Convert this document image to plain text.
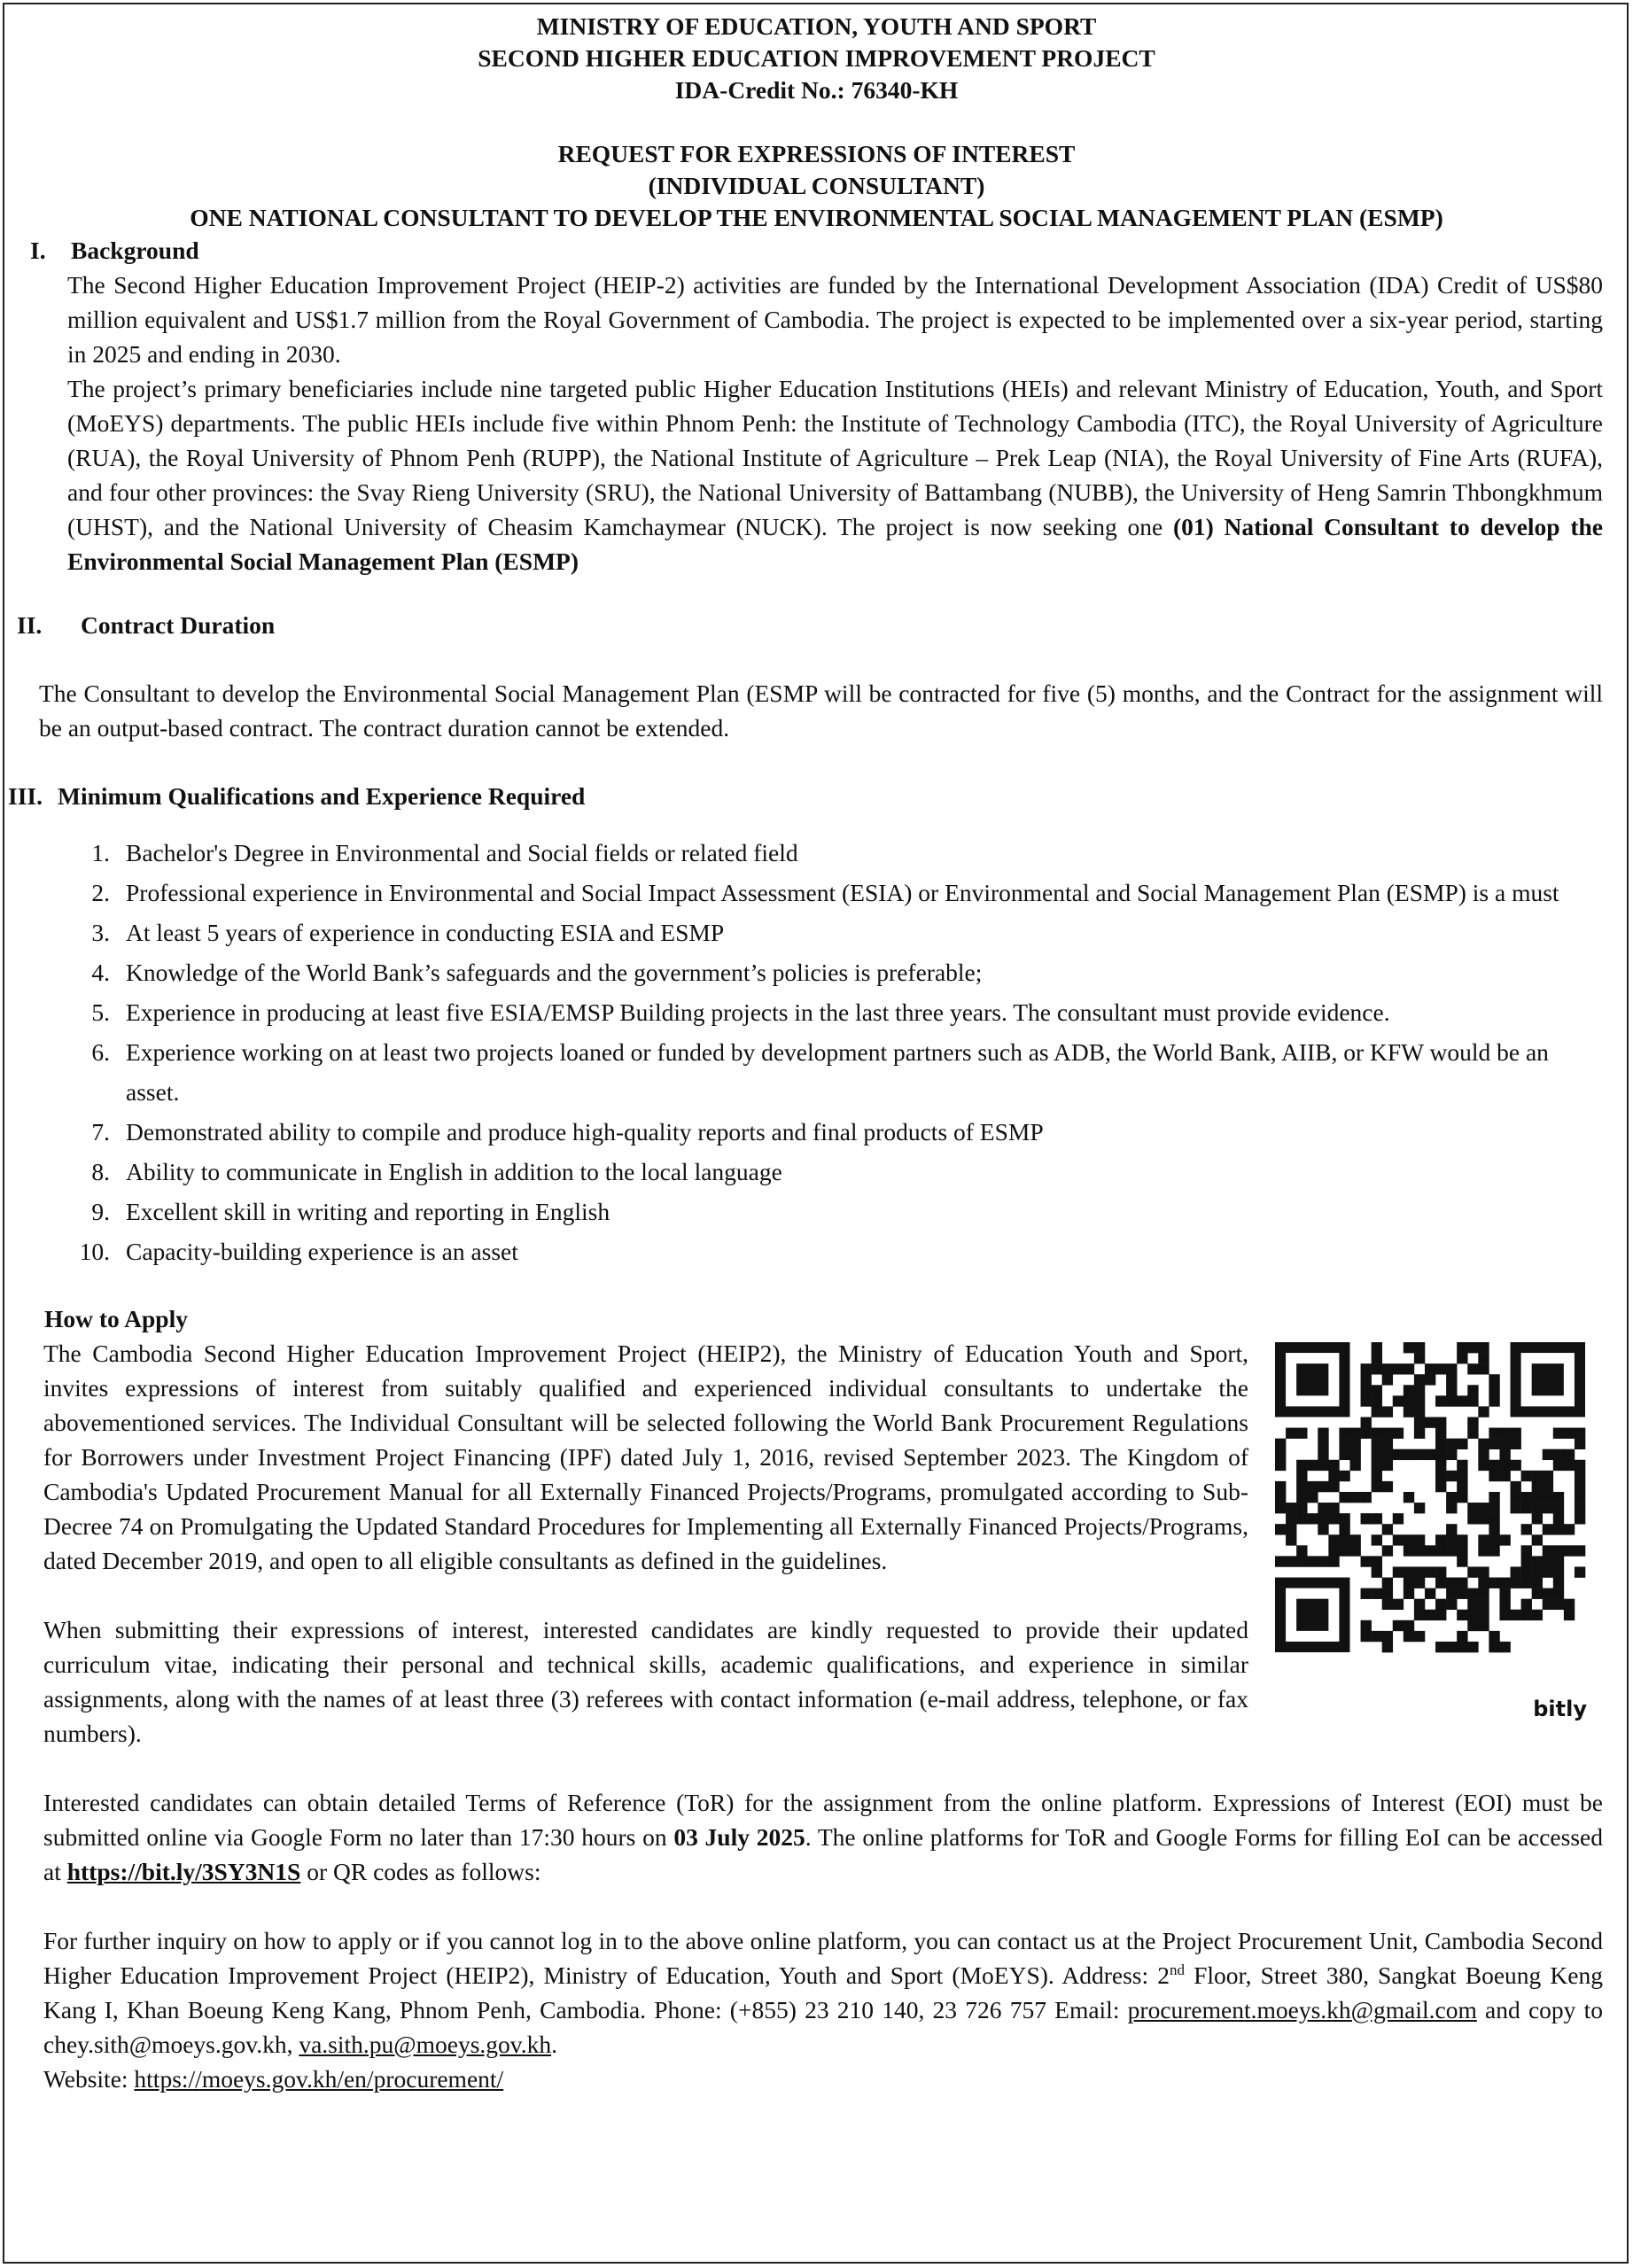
MINISTRY OF EDUCATION, YOUTH AND SPORT
SECOND HIGHER EDUCATION IMPROVEMENT PROJECT
IDA-Credit No.: 76340-KH
REQUEST FOR EXPRESSIONS OF INTEREST
(INDIVIDUAL CONSULTANT)
ONE NATIONAL CONSULTANT TO DEVELOP THE ENVIRONMENTAL SOCIAL MANAGEMENT PLAN (ESMP)
I.	Background
The Second Higher Education Improvement Project (HEIP-2) activities are funded by the International Development Association (IDA) Credit of US$80 million equivalent and US$1.7 million from the Royal Government of Cambodia. The project is expected to be implemented over a six-year period, starting in 2025 and ending in 2030.
The project’s primary beneficiaries include nine targeted public Higher Education Institutions (HEIs) and relevant Ministry of Education, Youth, and Sport (MoEYS) departments. The public HEIs include five within Phnom Penh: the Institute of Technology Cambodia (ITC), the Royal University of Agriculture (RUA), the Royal University of Phnom Penh (RUPP), the National Institute of Agriculture – Prek Leap (NIA), the Royal University of Fine Arts (RUFA), and four other provinces: the Svay Rieng University (SRU), the National University of Battambang (NUBB), the University of Heng Samrin Thbongkhmum (UHST), and the National University of Cheasim Kamchaymear (NUCK). The project is now seeking one (01) National Consultant to develop the Environmental Social Management Plan (ESMP)
II.	Contract Duration
The Consultant to develop the Environmental Social Management Plan (ESMP will be contracted for five (5) months, and the Contract for the assignment will be an output-based contract. The contract duration cannot be extended.
III. Minimum Qualifications and Experience Required
1. Bachelor's Degree in Environmental and Social fields or related field
2. Professional experience in Environmental and Social Impact Assessment (ESIA) or Environmental and Social Management Plan (ESMP) is a must
3. At least 5 years of experience in conducting ESIA and ESMP
4. Knowledge of the World Bank’s safeguards and the government’s policies is preferable;
5. Experience in producing at least five ESIA/EMSP Building projects in the last three years. The consultant must provide evidence.
6. Experience working on at least two projects loaned or funded by development partners such as ADB, the World Bank, AIIB, or KFW would be an asset.
7. Demonstrated ability to compile and produce high-quality reports and final products of ESMP
8. Ability to communicate in English in addition to the local language
9. Excellent skill in writing and reporting in English
10. Capacity-building experience is an asset
How to Apply
The Cambodia Second Higher Education Improvement Project (HEIP2), the Ministry of Education Youth and Sport, invites expressions of interest from suitably qualified and experienced individual consultants to undertake the abovementioned services. The Individual Consultant will be selected following the World Bank Procurement Regulations for Borrowers under Investment Project Financing (IPF) dated July 1, 2016, revised September 2023. The Kingdom of Cambodia's Updated Procurement Manual for all Externally Financed Projects/Programs, promulgated according to Sub-Decree 74 on Promulgating the Updated Standard Procedures for Implementing all Externally Financed Projects/Programs, dated December 2019, and open to all eligible consultants as defined in the guidelines.
bitly
When submitting their expressions of interest, interested candidates are kindly requested to provide their updated curriculum vitae, indicating their personal and technical skills, academic qualifications, and experience in similar assignments, along with the names of at least three (3) referees with contact information (e-mail address, telephone, or fax numbers).
Interested candidates can obtain detailed Terms of Reference (ToR) for the assignment from the online platform. Expressions of Interest (EOI) must be submitted online via Google Form no later than 17:30 hours on 03 July 2025. The online platforms for ToR and Google Forms for filling EoI can be accessed at https://bit.ly/3SY3N1S or QR codes as follows:
For further inquiry on how to apply or if you cannot log in to the above online platform, you can contact us at the Project Procurement Unit, Cambodia Second Higher Education Improvement Project (HEIP2), Ministry of Education, Youth and Sport (MoEYS). Address: 2nd Floor, Street 380, Sangkat Boeung Keng Kang I, Khan Boeung Keng Kang, Phnom Penh, Cambodia. Phone: (+855) 23 210 140, 23 726 757 Email: procurement.moeys.kh@gmail.com and copy to chey.sith@moeys.gov.kh, va.sith.pu@moeys.gov.kh.
Website: https://moeys.gov.kh/en/procurement/
